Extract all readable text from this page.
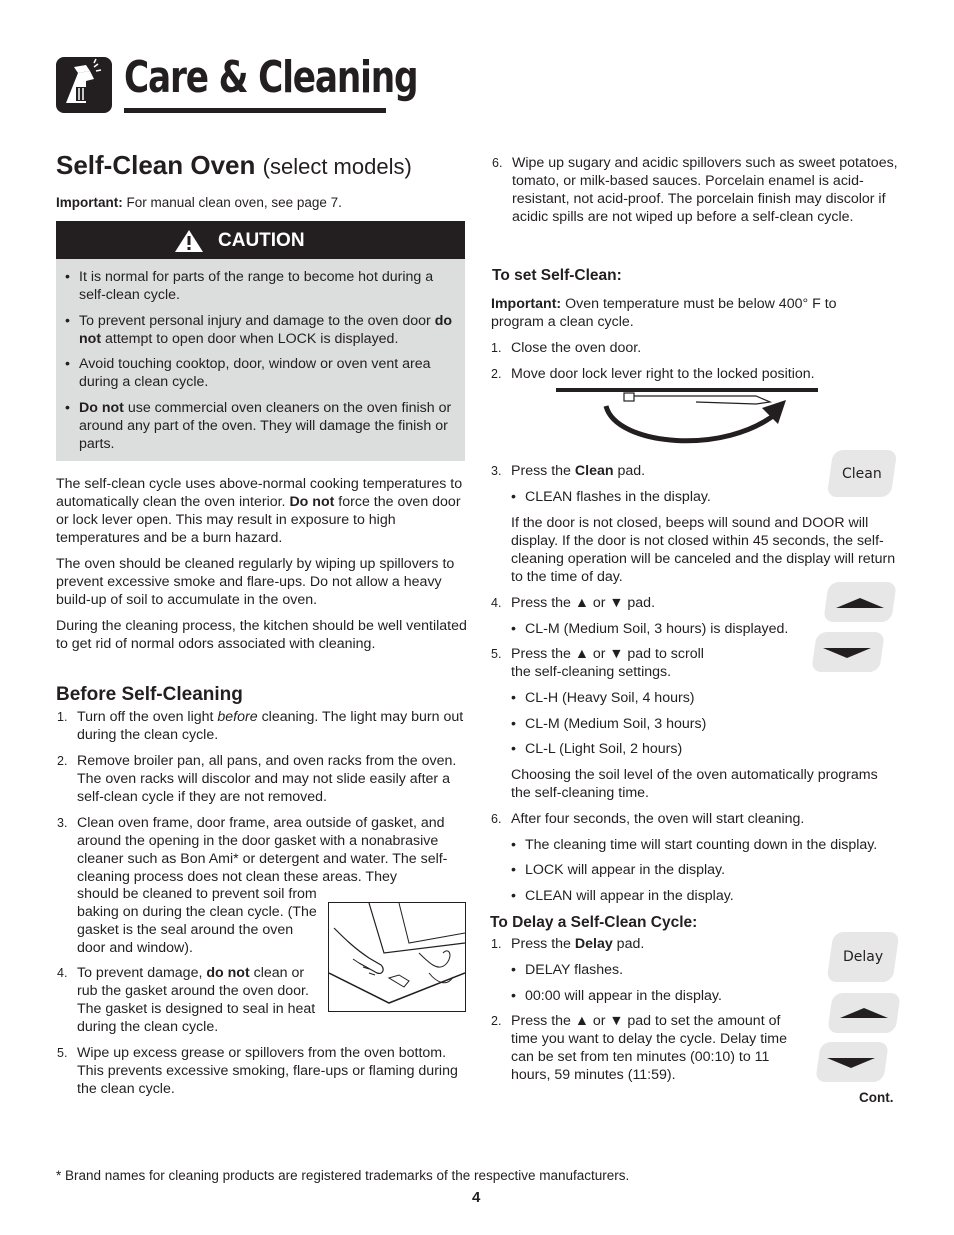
Care & Cleaning
Self-Clean Oven (select models)

Important: For manual clean oven, see page 7.

CAUTION

• It is normal for parts of the range to become hot during a self-clean cycle.

• To prevent personal injury and damage to the oven door do not attempt to open door when LOCK is displayed.

• Avoid touching cooktop, door, window or oven vent area during a clean cycle.

• Do not use commercial oven cleaners on the oven finish or around any part of the oven. They will damage the finish or parts.

The self-clean cycle uses above-normal cooking temperatures to automatically clean the oven interior. Do not force the oven door or lock lever open. This may result in exposure to high temperatures and be a burn hazard.

The oven should be cleaned regularly by wiping up spillovers to prevent excessive smoke and flare-ups. Do not allow a heavy build-up of soil to accumulate in the oven.

During the cleaning process, the kitchen should be well ventilated to get rid of normal odors associated with cleaning.

Before Self-Cleaning

1. Turn off the oven light before cleaning. The light may burn out during the clean cycle.

2. Remove broiler pan, all pans, and oven racks from the oven. The oven racks will discolor and may not slide easily after a self-clean cycle if they are not removed.

3. Clean oven frame, door frame, area outside of gasket, and around the opening in the door gasket with a nonabrasive cleaner such as Bon Ami* or detergent and water. The self-cleaning process does not clean these areas. They

should be cleaned to prevent soil from baking on during the clean cycle. (The gasket is the seal around the oven door and window).

4. To prevent damage, do not clean or rub the gasket around the oven door. The gasket is designed to seal in heat during the clean cycle.

5. Wipe up excess grease or spillovers from the oven bottom. This prevents excessive smoking, flare-ups or flaming during the clean cycle.

6. Wipe up sugary and acidic spillovers such as sweet potatoes, tomato, or milk-based sauces. Porcelain enamel is acid-resistant, not acid-proof. The porcelain finish may discolor if acidic spills are not wiped up before a self-clean cycle.

To set Self-Clean:

Important: Oven temperature must be below 400° F to program a clean cycle.

1. Close the oven door.

2. Move door lock lever right to the locked position.

3. Press the Clean pad.

• CLEAN flashes in the display.

If the door is not closed, beeps will sound and DOOR will display. If the door is not closed within 45 seconds, the self-cleaning operation will be canceled and the display will return to the time of day.

4. Press the ▲ or ▼ pad.

• CL-M (Medium Soil, 3 hours) is displayed.

5. Press the ▲ or ▼ pad to scroll the self-cleaning settings.

• CL-H (Heavy Soil, 4 hours)

• CL-M (Medium Soil, 3 hours)

• CL-L (Light Soil, 2 hours)

Choosing the soil level of the oven automatically programs the self-cleaning time.

6. After four seconds, the oven will start cleaning.

• The cleaning time will start counting down in the display.

• LOCK will appear in the display.

• CLEAN will appear in the display.

To Delay a Self-Clean Cycle:

1. Press the Delay pad.

• DELAY flashes.

• 00:00 will appear in the display.

2. Press the ▲ or ▼ pad to set the amount of time you want to delay the cycle. Delay time can be set from ten minutes (00:10) to 11 hours, 59 minutes (11:59).

Cont.
Clean
Delay

* Brand names for cleaning products are registered trademarks of the respective manufacturers.

4
